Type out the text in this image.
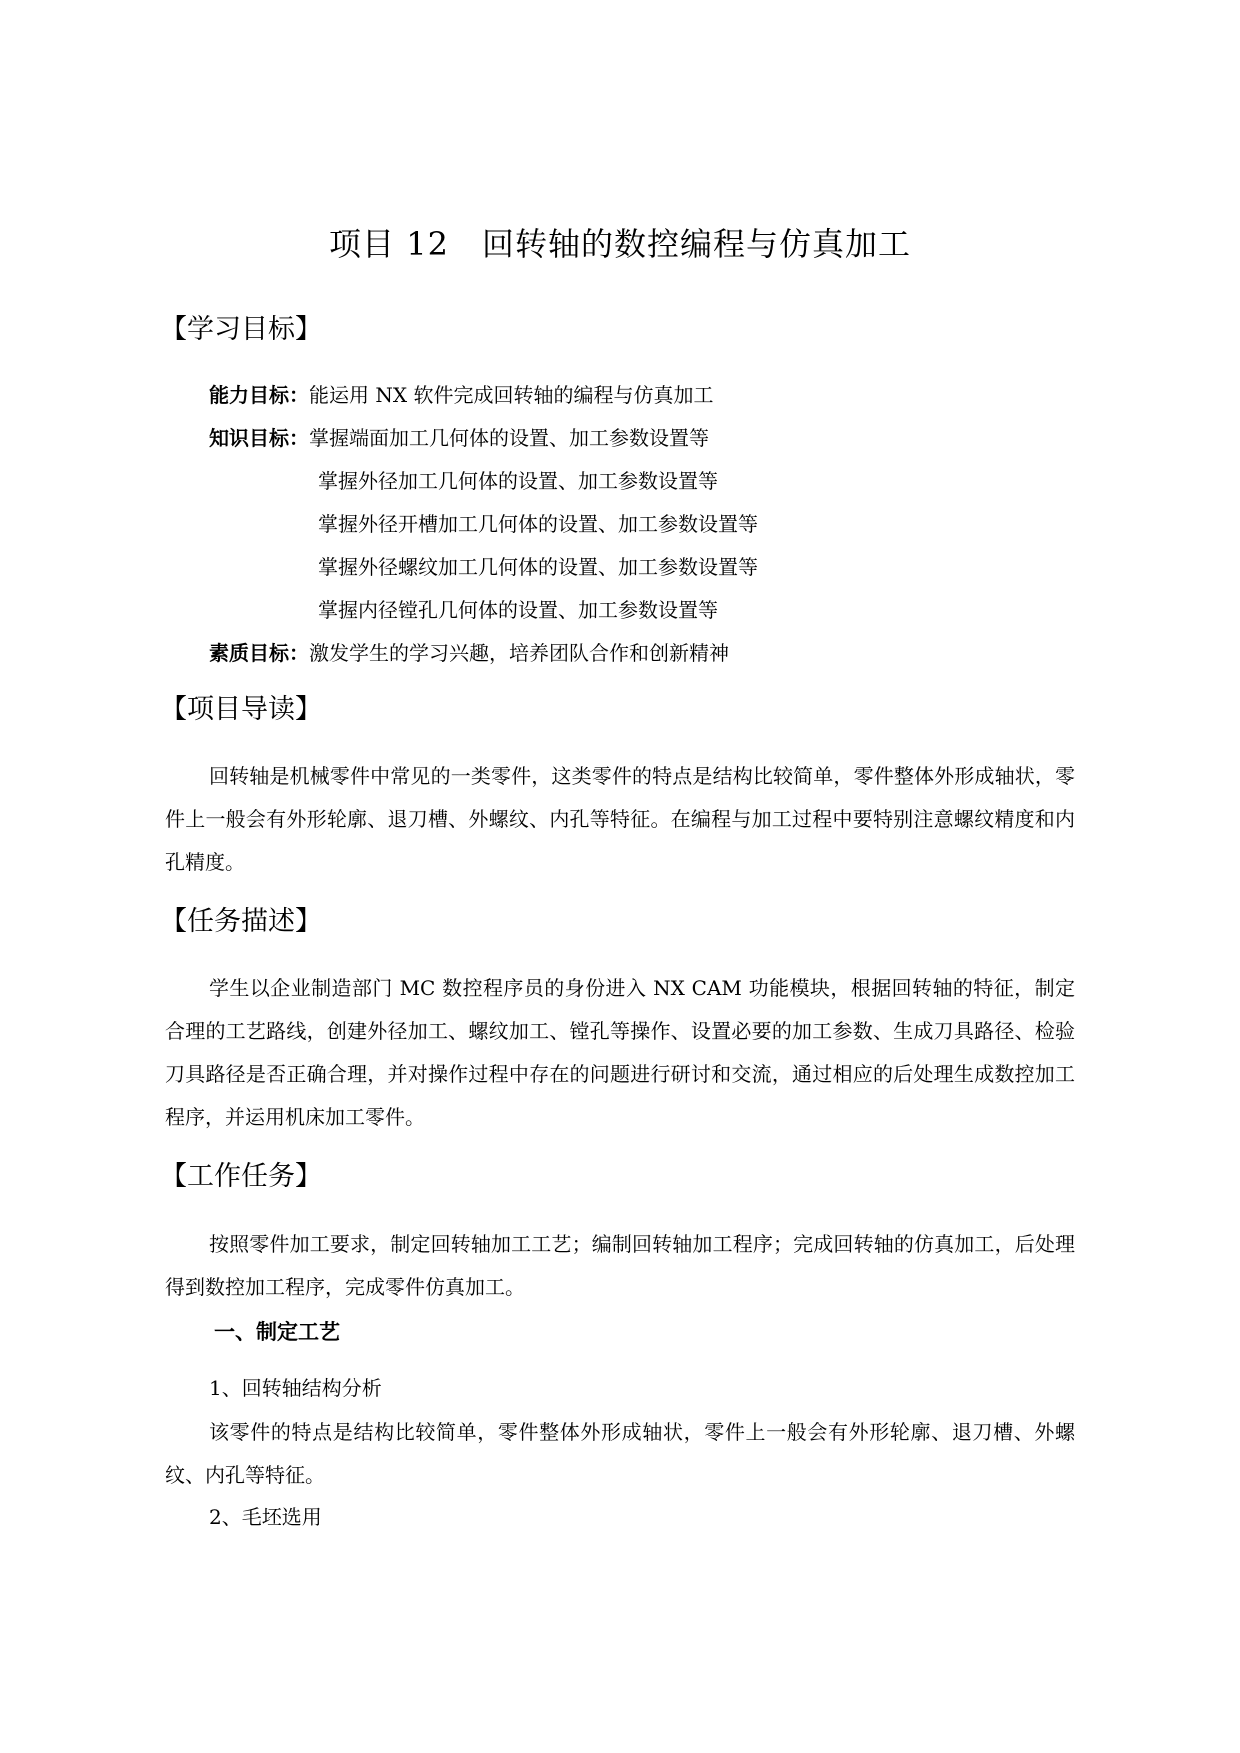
项目 12　回转轴的数控编程与仿真加工
【学习目标】
能力目标：能运用 NX 软件完成回转轴的编程与仿真加工
知识目标：掌握端面加工几何体的设置、加工参数设置等
掌握外径加工几何体的设置、加工参数设置等
掌握外径开槽加工几何体的设置、加工参数设置等
掌握外径螺纹加工几何体的设置、加工参数设置等
掌握内径镗孔几何体的设置、加工参数设置等
素质目标：激发学生的学习兴趣，培养团队合作和创新精神
【项目导读】
回转轴是机械零件中常见的一类零件，这类零件的特点是结构比较简单，零件整体外形成轴状，零件上一般会有外形轮廓、退刀槽、外螺纹、内孔等特征。在编程与加工过程中要特别注意螺纹精度和内孔精度。
【任务描述】
学生以企业制造部门 MC 数控程序员的身份进入 NX CAM 功能模块，根据回转轴的特征，制定合理的工艺路线，创建外径加工、螺纹加工、镗孔等操作、设置必要的加工参数、生成刀具路径、检验刀具路径是否正确合理，并对操作过程中存在的问题进行研讨和交流，通过相应的后处理生成数控加工程序，并运用机床加工零件。
【工作任务】
按照零件加工要求，制定回转轴加工工艺；编制回转轴加工程序；完成回转轴的仿真加工，后处理得到数控加工程序，完成零件仿真加工。
一、制定工艺
1、回转轴结构分析
该零件的特点是结构比较简单，零件整体外形成轴状，零件上一般会有外形轮廓、退刀槽、外螺纹、内孔等特征。
2、毛坯选用
